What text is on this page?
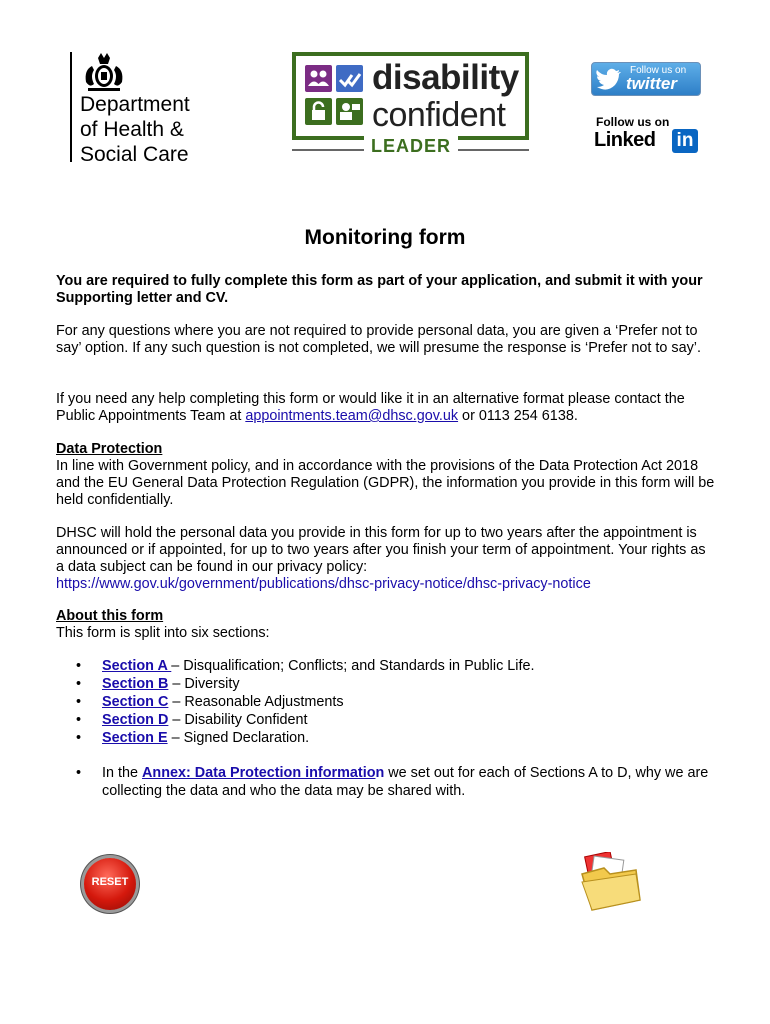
Department
of Health &
Social Care
disability
confident
LEADER
Follow us on
twitter
Follow us on
Linked in
Monitoring form

You are required to fully complete this form as part of your application, and submit it with your Supporting letter and CV.

For any questions where you are not required to provide personal data, you are given a ‘Prefer not to say’ option. If any such question is not completed, we will presume the response is ‘Prefer not to say’.

If you need any help completing this form or would like it in an alternative format please contact the Public Appointments Team at appointments.team@dhsc.gov.uk or 0113 254 6138.

Data Protection
In line with Government policy, and in accordance with the provisions of the Data Protection Act 2018 and the EU General Data Protection Regulation (GDPR), the information you provide in this form will be held confidentially.

DHSC will hold the personal data you provide in this form for up to two years after the appointment is announced or if appointed, for up to two years after you finish your term of appointment. Your rights as a data subject can be found in our privacy policy:
https://www.gov.uk/government/publications/dhsc-privacy-notice/dhsc-privacy-notice

About this form
This form is split into six sections:

• Section A – Disqualification; Conflicts; and Standards in Public Life.
• Section B – Diversity
• Section C – Reasonable Adjustments
• Section D – Disability Confident
• Section E – Signed Declaration.
• In the Annex: Data Protection information we set out for each of Sections A to D, why we are collecting the data and who the data may be shared with.
RESET
